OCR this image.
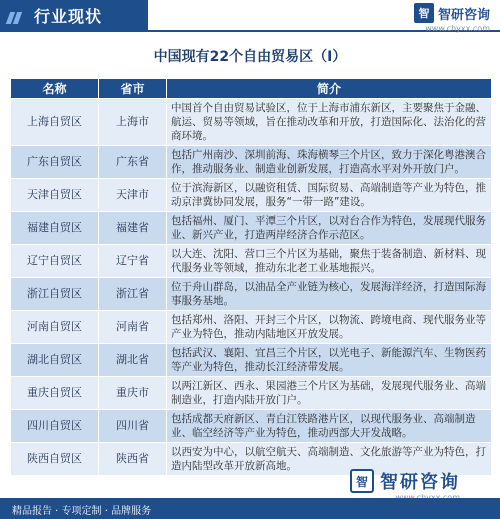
行业现状	智 智研咨询
www.chyxx.com
中国现有22个自由贸易区（I）
名称	省市	简介
上海自贸区	上海市	中国首个自由贸易试验区，位于上海市浦东新区，主要聚焦于金融、航运、贸易等领域，旨在推动改革和开放，打造国际化、法治化的营商环境。
广东自贸区	广东省	包括广州南沙、深圳前海、珠海横琴三个片区，致力于深化粤港澳合作，推动服务业、制造业创新发展，打造高水平对外开放门户。
天津自贸区	天津市	位于滨海新区，以融资租赁、国际贸易、高端制造等产业为特色，推动京津冀协同发展，服务“一带一路”建设。
福建自贸区	福建省	包括福州、厦门、平潭三个片区，以对台合作为特色，发展现代服务业、新兴产业，打造两岸经济合作示范区。
辽宁自贸区	辽宁省	以大连、沈阳、营口三个片区为基础，聚焦于装备制造、新材料、现代服务业等领域，推动东北老工业基地振兴。
浙江自贸区	浙江省	位于舟山群岛，以油品全产业链为核心，发展海洋经济，打造国际海事服务基地。
河南自贸区	河南省	包括郑州、洛阳、开封三个片区，以物流、跨境电商、现代服务业等产业为特色，推动内陆地区开放发展。
湖北自贸区	湖北省	包括武汉、襄阳、宜昌三个片区，以光电子、新能源汽车、生物医药等产业为特色，推动长江经济带发展。
重庆自贸区	重庆市	以两江新区、西永、果园港三个片区为基础，发展现代服务业、高端制造业，打造内陆开放门户。
四川自贸区	四川省	包括成都天府新区、青白江铁路港片区，以现代服务业、高端制造业、临空经济等产业为特色，推动西部大开发战略。
陕西自贸区	陕西省	以西安为中心，以航空航天、高端制造、文化旅游等产业为特色，打造内陆型改革开放新高地。
智 智研咨询
精品报告 · 专项定制 · 品牌服务
